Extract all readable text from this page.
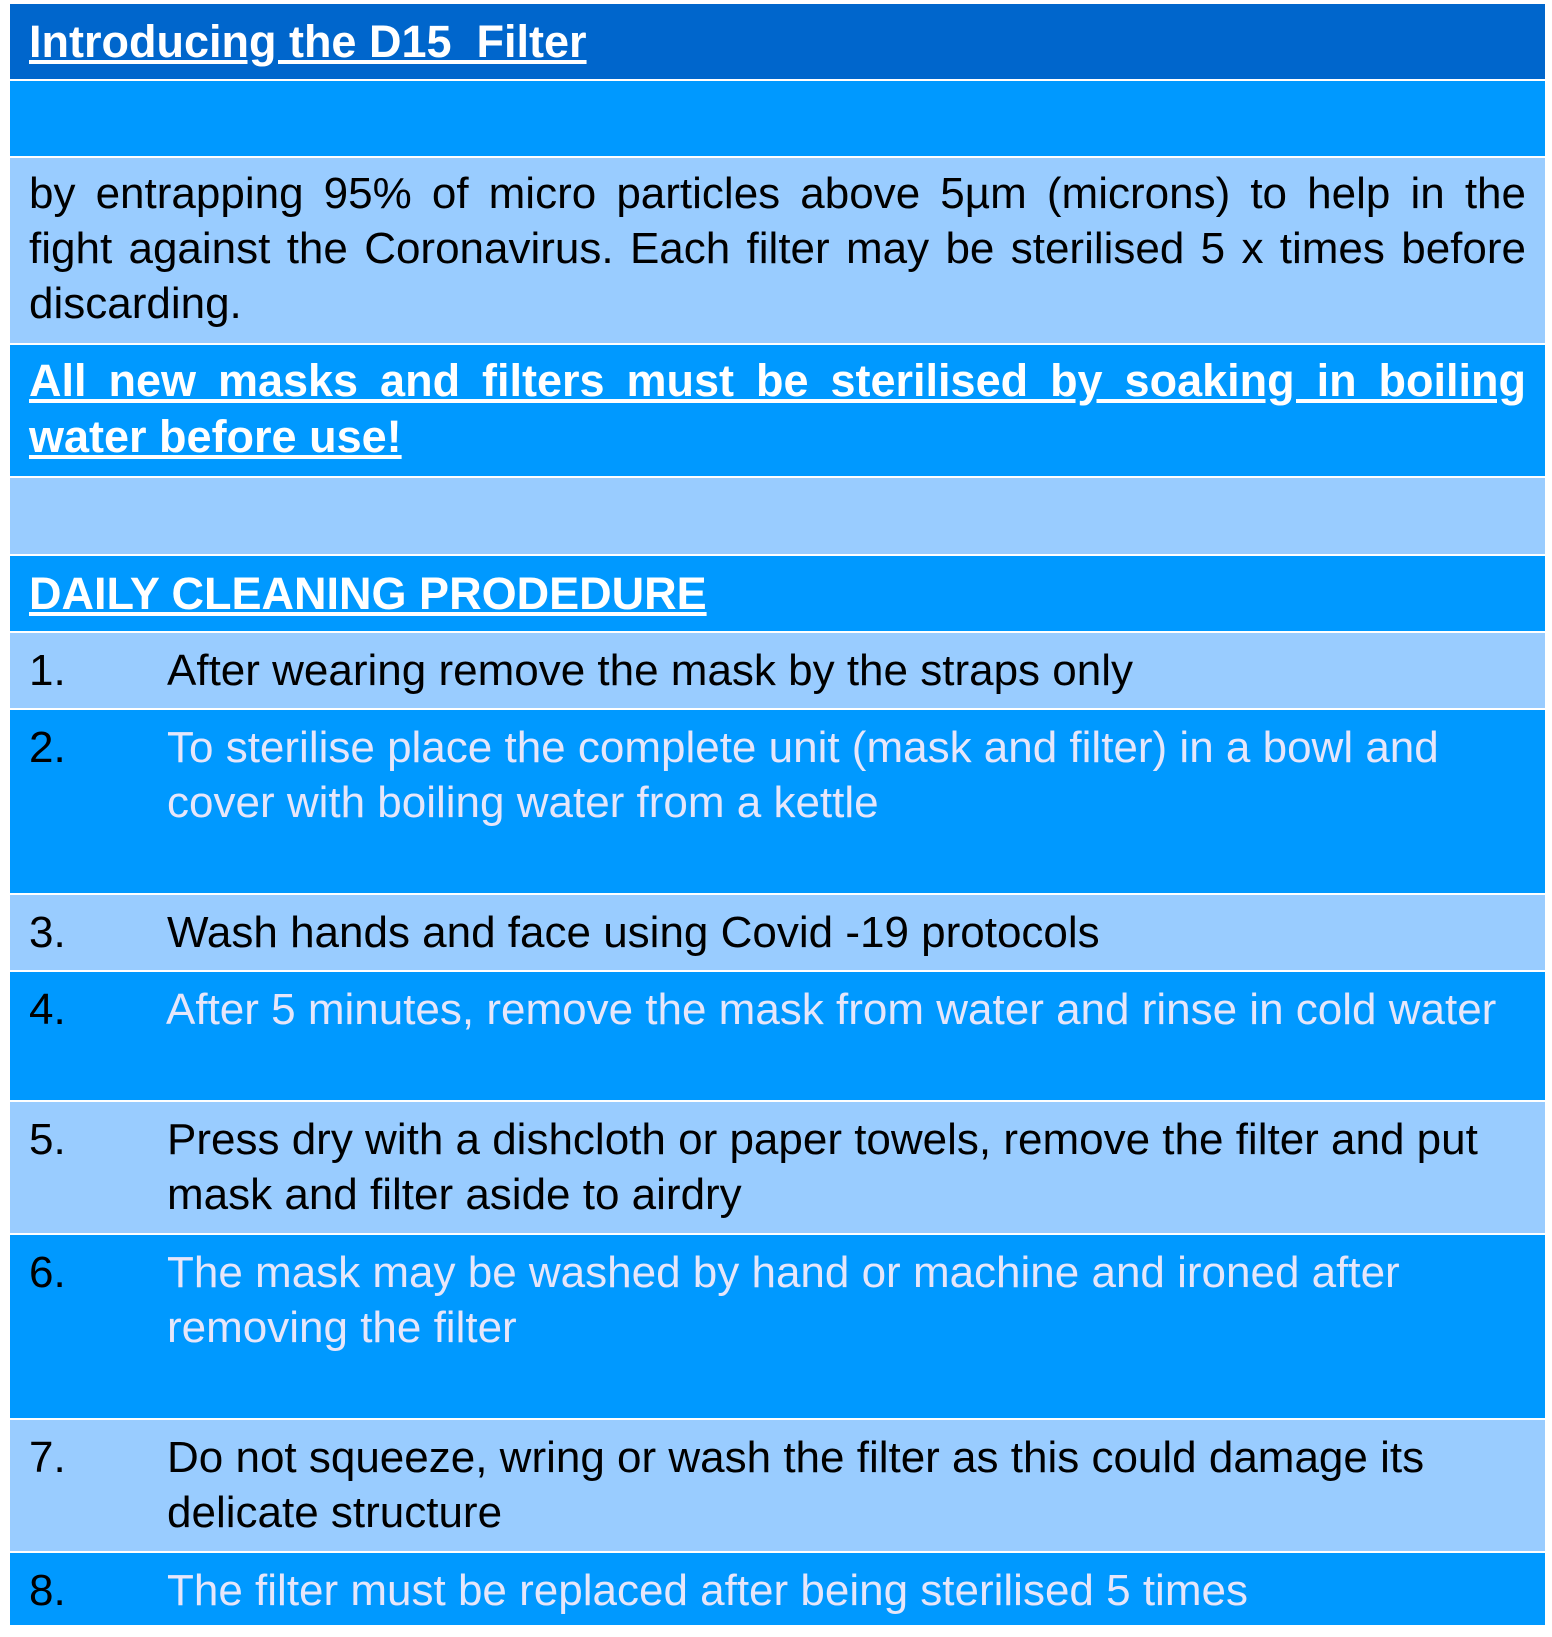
Introducing the D15  Filter
by entrapping 95% of micro particles above 5µm (microns) to help in the fight against the Coronavirus. Each filter may be sterilised 5 x times before discarding.
All new masks and filters must be sterilised by soaking in boiling water before use!
DAILY CLEANING PRODEDURE
1. After wearing remove the mask by the straps only
2. To sterilise place the complete unit (mask and filter) in a bowl and cover with boiling water from a kettle
3. Wash hands and face using Covid -19 protocols
4. After 5 minutes, remove the mask from water and rinse in cold water
5. Press dry with a dishcloth or paper towels, remove the filter and put mask and filter aside to airdry
6. The mask may be washed by hand or machine and ironed after removing the filter
7. Do not squeeze, wring or wash the filter as this could damage its delicate structure
8. The filter must be replaced after being sterilised 5 times
